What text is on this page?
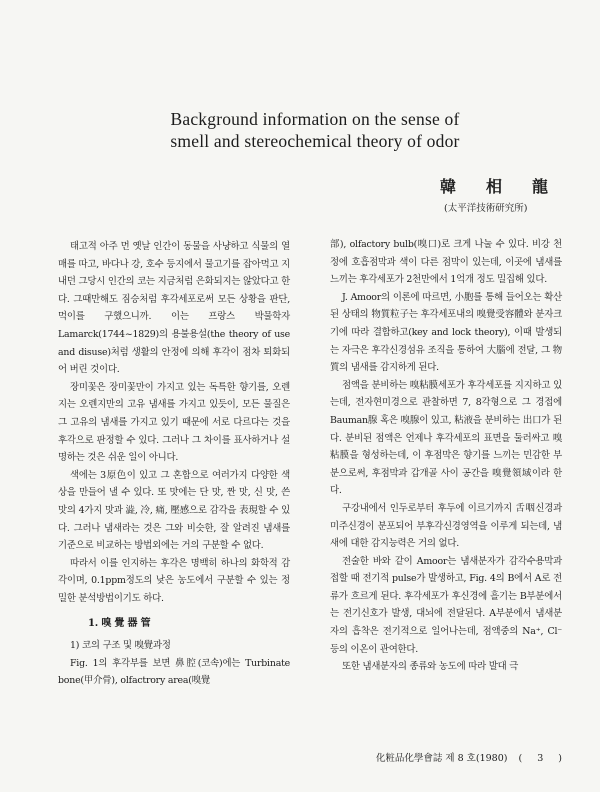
Background information on the sense of
smell and stereochemical theory of odor
韓相龍
(太平洋技術研究所)

태고적 아주 먼 옛날 인간이 동물을 사냥하고 식물의 열매를 따고, 바다나 강, 호수 등지에서 물고기를 잡아먹고 지내던 그당시 인간의 코는 지금처럼 은화되지는 않았다고 한다. 그때만해도 짐승처럼 후각세포로써 모든 상황을 판단, 먹이를 구했으니까. 이는 프랑스 박물학자 Lamarck(1744~1829)의 용불용설(the theory of use and disuse)처럼 생활의 안정에 의해 후각이 점차 퇴화되어 버린 것이다.

장미꽃은 장미꽃만이 가지고 있는 독특한 향기를, 오렌지는 오렌지만의 고유 냄새를 가지고 있듯이, 모든 물질은 그 고유의 냄새를 가지고 있기 때문에 서로 다르다는 것을 후각으로 판정할 수 있다. 그러나 그 차이를 표사하거나 설명하는 것은 쉬운 일이 아니다.

색에는 3原色이 있고 그 혼합으로 여러가지 다양한 색상을 만들어 낼 수 있다. 또 맛에는 단 맛, 짠 맛, 신 맛, 쓴 맛의 4가지 맛과 澁, 冷, 痛, 壓感으로 감각을 表現할 수 있다. 그러나 냄새라는 것은 그와 비슷한, 잘 알려진 냄새를 기준으로 비교하는 방법외에는 거의 구분할 수 없다.

따라서 이를 인지하는 후각은 명백히 하나의 화학적 감각이며, 0.1ppm정도의 낮은 농도에서 구분할 수 있는 정밀한 분석방법이기도 하다.

1. 嗅 覺 器 管

1) 코의 구조 및 嗅覺과정

Fig. 1의 후각부를 보면 鼻腔(코속)에는 Turbinate bone(甲介骨), olfactrory area(嗅覺

部), olfactory bulb(嗅口)로 크게 나눌 수 있다. 비강 천정에 호흡점막과 색이 다른 점막이 있는데, 이곳에 냄새를 느끼는 후각세포가 2천만에서 1억개 정도 밀집해 있다.

J. Amoor의 이론에 따르면, 小胞를 통해 들어오는 확산된 상태의 物質粒子는 후각세포내의 嗅覺受容體와 분자크기에 따라 결합하고(key and lock theory), 이때 발생되는 자극은 후각신경섬유 조직을 통하여 大腦에 전달, 그 物質의 냄새를 감지하게 된다.

점액을 분비하는 嗅粘膜세포가 후각세포를 지지하고 있는데, 전자현미경으로 관찰하면 7, 8각형으로 그 경접에 Bauman腺 혹은 嗅腺이 있고, 粘液을 분비하는 出口가 된다. 분비된 점액은 언제나 후각세포의 표면을 둘러싸고 嗅粘膜을 형성하는데, 이 후점막은 향기를 느끼는 민감한 부분으로써, 후점막과 갑개골 사이 공간을 嗅覺領域이라 한다.

구강내에서 인두로부터 후두에 이르기까지 舌咽신경과 미주신경이 분포되어 부후각신경영역을 이루게 되는데, 냄새에 대한 감지능력은 거의 없다.

전술한 바와 같이 Amoor는 냄새분자가 감각수용막과 접할 때 전기적 pulse가 발생하고, Fig. 4의 B에서 A로 전류가 흐르게 된다. 후각세포가 후신경에 흘기는 B부분에서는 전기신호가 발생, 대뇌에 전달된다. A부분에서 냄새분자의 흡착은 전기적으로 일어나는데, 점액중의 Na⁺, Cl⁻ 등의 이온이 관여한다.

또한 냄새분자의 종류와 농도에 따라 발대 극

化粧品化學會誌 제 8 호(1980) ( 3 )
